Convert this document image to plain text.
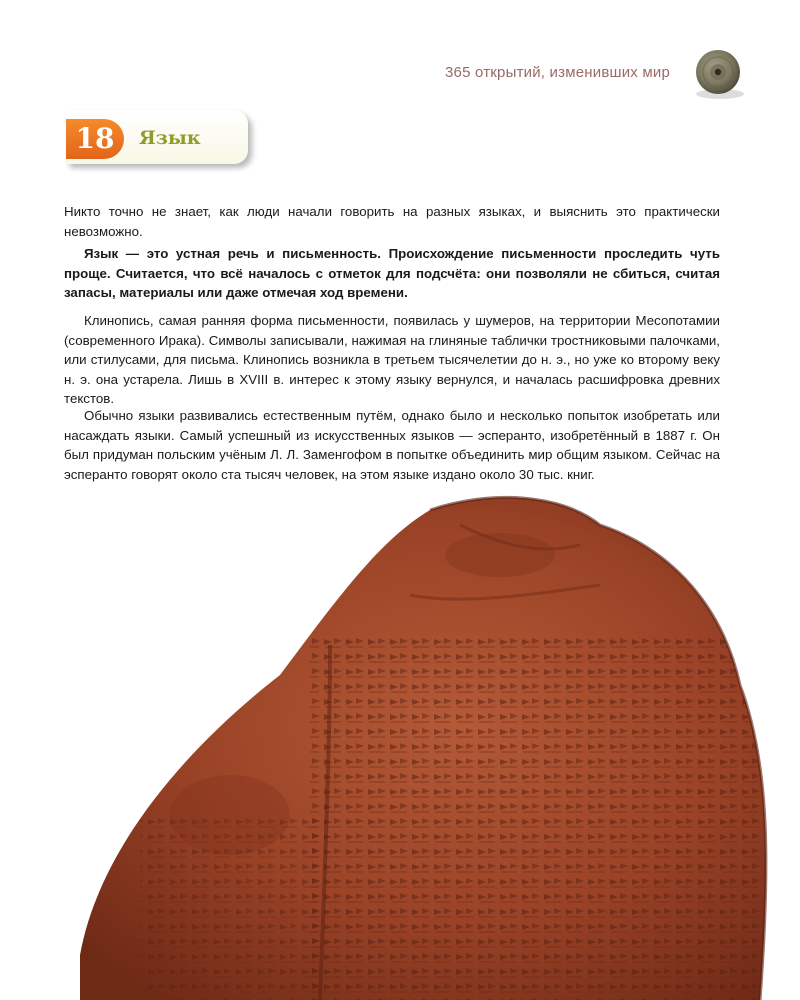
365 открытий, изменивших мир
18	Язык

Никто точно не знает, как люди начали говорить на разных языках, и выяснить это практически невозможно.

Язык — это устная речь и письменность. Происхождение письменности проследить чуть проще. Считается, что всё началось с отметок для подсчёта: они позволяли не сбиться, считая запасы, материалы или даже отмечая ход времени.

Клинопись, самая ранняя форма письменности, появилась у шумеров, на территории Месопотамии (современного Ирака). Символы записывали, нажимая на глиняные таблички тростниковыми палочками, или стилусами, для письма. Клинопись возникла в третьем тысячелетии до н. э., но уже ко второму веку н. э. она устарела. Лишь в XVIII в. интерес к этому языку вернулся, и началась расшифровка древних текстов.

Обычно языки развивались естественным путём, однако было и несколько попыток изобретать или насаждать языки. Самый успешный из искусственных языков — эсперанто, изобретённый в 1887 г. Он был придуман польским учёным Л. Л. Заменгофом в попытке объединить мир общим языком. Сейчас на эсперанто говорят около ста тысяч человек, на этом языке издано около 30 тыс. книг.
